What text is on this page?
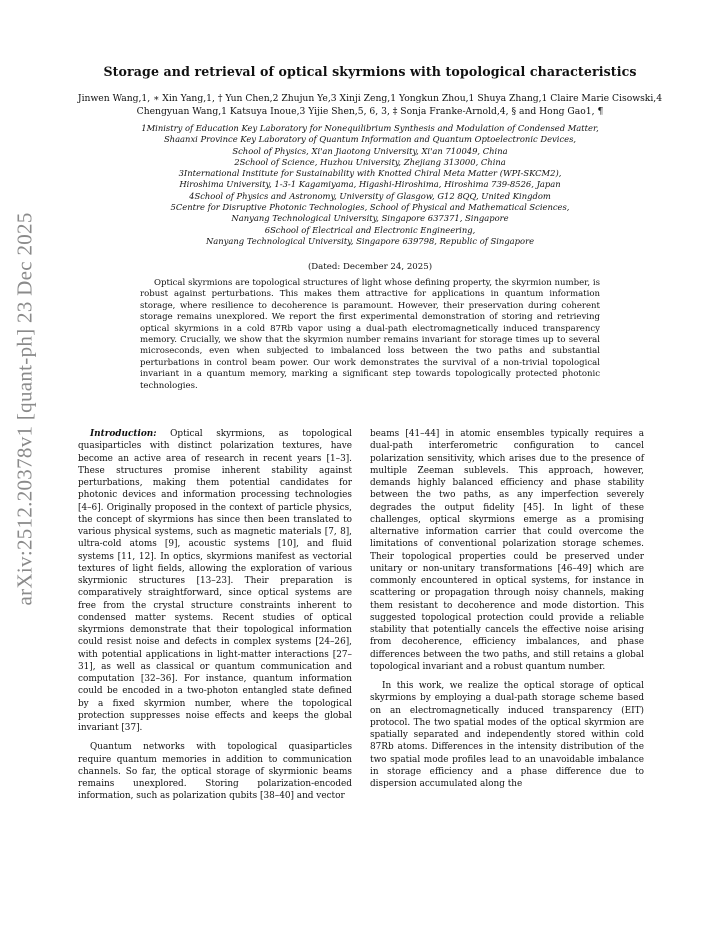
arXiv:2512.20378v1 [quant-ph] 23 Dec 2025
Storage and retrieval of optical skyrmions with topological characteristics
Jinwen Wang,1, ∗ Xin Yang,1, † Yun Chen,2 Zhujun Ye,3 Xinji Zeng,1 Yongkun Zhou,1 Shuya Zhang,1 Claire Marie Cisowski,4 Chengyuan Wang,1 Katsuya Inoue,3 Yijie Shen,5, 6, 3, ‡ Sonja Franke-Arnold,4, § and Hong Gao1, ¶
1Ministry of Education Key Laboratory for Nonequilibrium Synthesis and Modulation of Condensed Matter,
Shaanxi Province Key Laboratory of Quantum Information and Quantum Optoelectronic Devices,
School of Physics, Xi'an Jiaotong University, Xi'an 710049, China
2School of Science, Huzhou University, Zhejiang 313000, China
3International Institute for Sustainability with Knotted Chiral Meta Matter (WPI-SKCM2),
Hiroshima University, 1-3-1 Kagamiyama, Higashi-Hiroshima, Hiroshima 739-8526, Japan
4School of Physics and Astronomy, University of Glasgow, G12 8QQ, United Kingdom
5Centre for Disruptive Photonic Technologies, School of Physical and Mathematical Sciences,
Nanyang Technological University, Singapore 637371, Singapore
6School of Electrical and Electronic Engineering,
Nanyang Technological University, Singapore 639798, Republic of Singapore
(Dated: December 24, 2025)
Optical skyrmions are topological structures of light whose defining property, the skyrmion number, is robust against perturbations. This makes them attractive for applications in quantum information storage, where resilience to decoherence is paramount. However, their preservation during coherent storage remains unexplored. We report the first experimental demonstration of storing and retrieving optical skyrmions in a cold 87Rb vapor using a dual-path electromagnetically induced transparency memory. Crucially, we show that the skyrmion number remains invariant for storage times up to several microseconds, even when subjected to imbalanced loss between the two paths and substantial perturbations in control beam power. Our work demonstrates the survival of a non-trivial topological invariant in a quantum memory, marking a significant step towards topologically protected photonic technologies.

Introduction: Optical skyrmions, as topological quasiparticles with distinct polarization textures, have become an active area of research in recent years [1–3]. These structures promise inherent stability against perturbations, making them potential candidates for photonic devices and information processing technologies [4–6]. Originally proposed in the context of particle physics, the concept of skyrmions has since then been translated to various physical systems, such as magnetic materials [7, 8], ultra-cold atoms [9], acoustic systems [10], and fluid systems [11, 12]. In optics, skyrmions manifest as vectorial textures of light fields, allowing the exploration of various skyrmionic structures [13–23]. Their preparation is comparatively straightforward, since optical systems are free from the crystal structure constraints inherent to condensed matter systems. Recent studies of optical skyrmions demonstrate that their topological information could resist noise and defects in complex systems [24–26], with potential applications in light-matter interactions [27–31], as well as classical or quantum communication and computation [32–36]. For instance, quantum information could be encoded in a two-photon entangled state defined by a fixed skyrmion number, where the topological protection suppresses noise effects and keeps the global invariant [37].

Quantum networks with topological quasiparticles require quantum memories in addition to communication channels. So far, the optical storage of skyrmionic beams remains unexplored. Storing polarization-encoded information, such as polarization qubits [38–40] and vector

beams [41–44] in atomic ensembles typically requires a dual-path interferometric configuration to cancel polarization sensitivity, which arises due to the presence of multiple Zeeman sublevels. This approach, however, demands highly balanced efficiency and phase stability between the two paths, as any imperfection severely degrades the output fidelity [45]. In light of these challenges, optical skyrmions emerge as a promising alternative information carrier that could overcome the limitations of conventional polarization storage schemes. Their topological properties could be preserved under unitary or non-unitary transformations [46–49] which are commonly encountered in optical systems, for instance in scattering or propagation through noisy channels, making them resistant to decoherence and mode distortion. This suggested topological protection could provide a reliable stability that potentially cancels the effective noise arising from decoherence, efficiency imbalances, and phase differences between the two paths, and still retains a global topological invariant and a robust quantum number.

In this work, we realize the optical storage of optical skyrmions by employing a dual-path storage scheme based on an electromagnetically induced transparency (EIT) protocol. The two spatial modes of the optical skyrmion are spatially separated and independently stored within cold 87Rb atoms. Differences in the intensity distribution of the two spatial mode profiles lead to an unavoidable imbalance in storage efficiency and a phase difference due to dispersion accumulated along the
